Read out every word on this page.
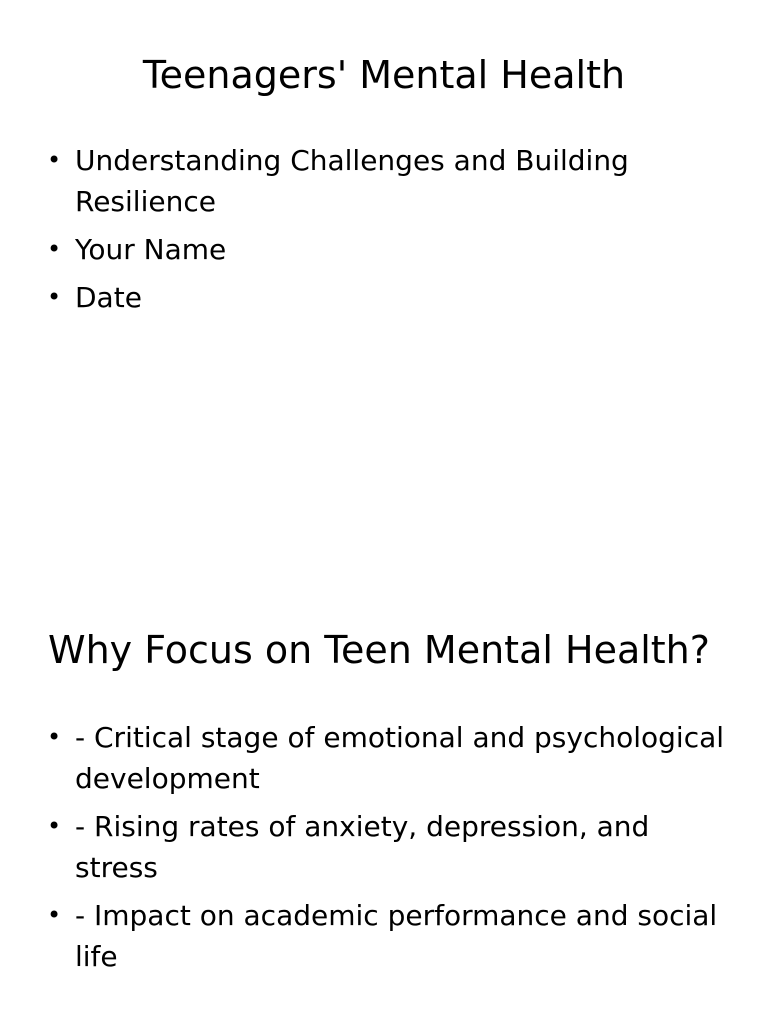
Teenagers' Mental Health
• Understanding Challenges and Building Resilience
• Your Name
• Date
Why Focus on Teen Mental Health?
• - Critical stage of emotional and psychological development
• - Rising rates of anxiety, depression, and stress
• - Impact on academic performance and social life
